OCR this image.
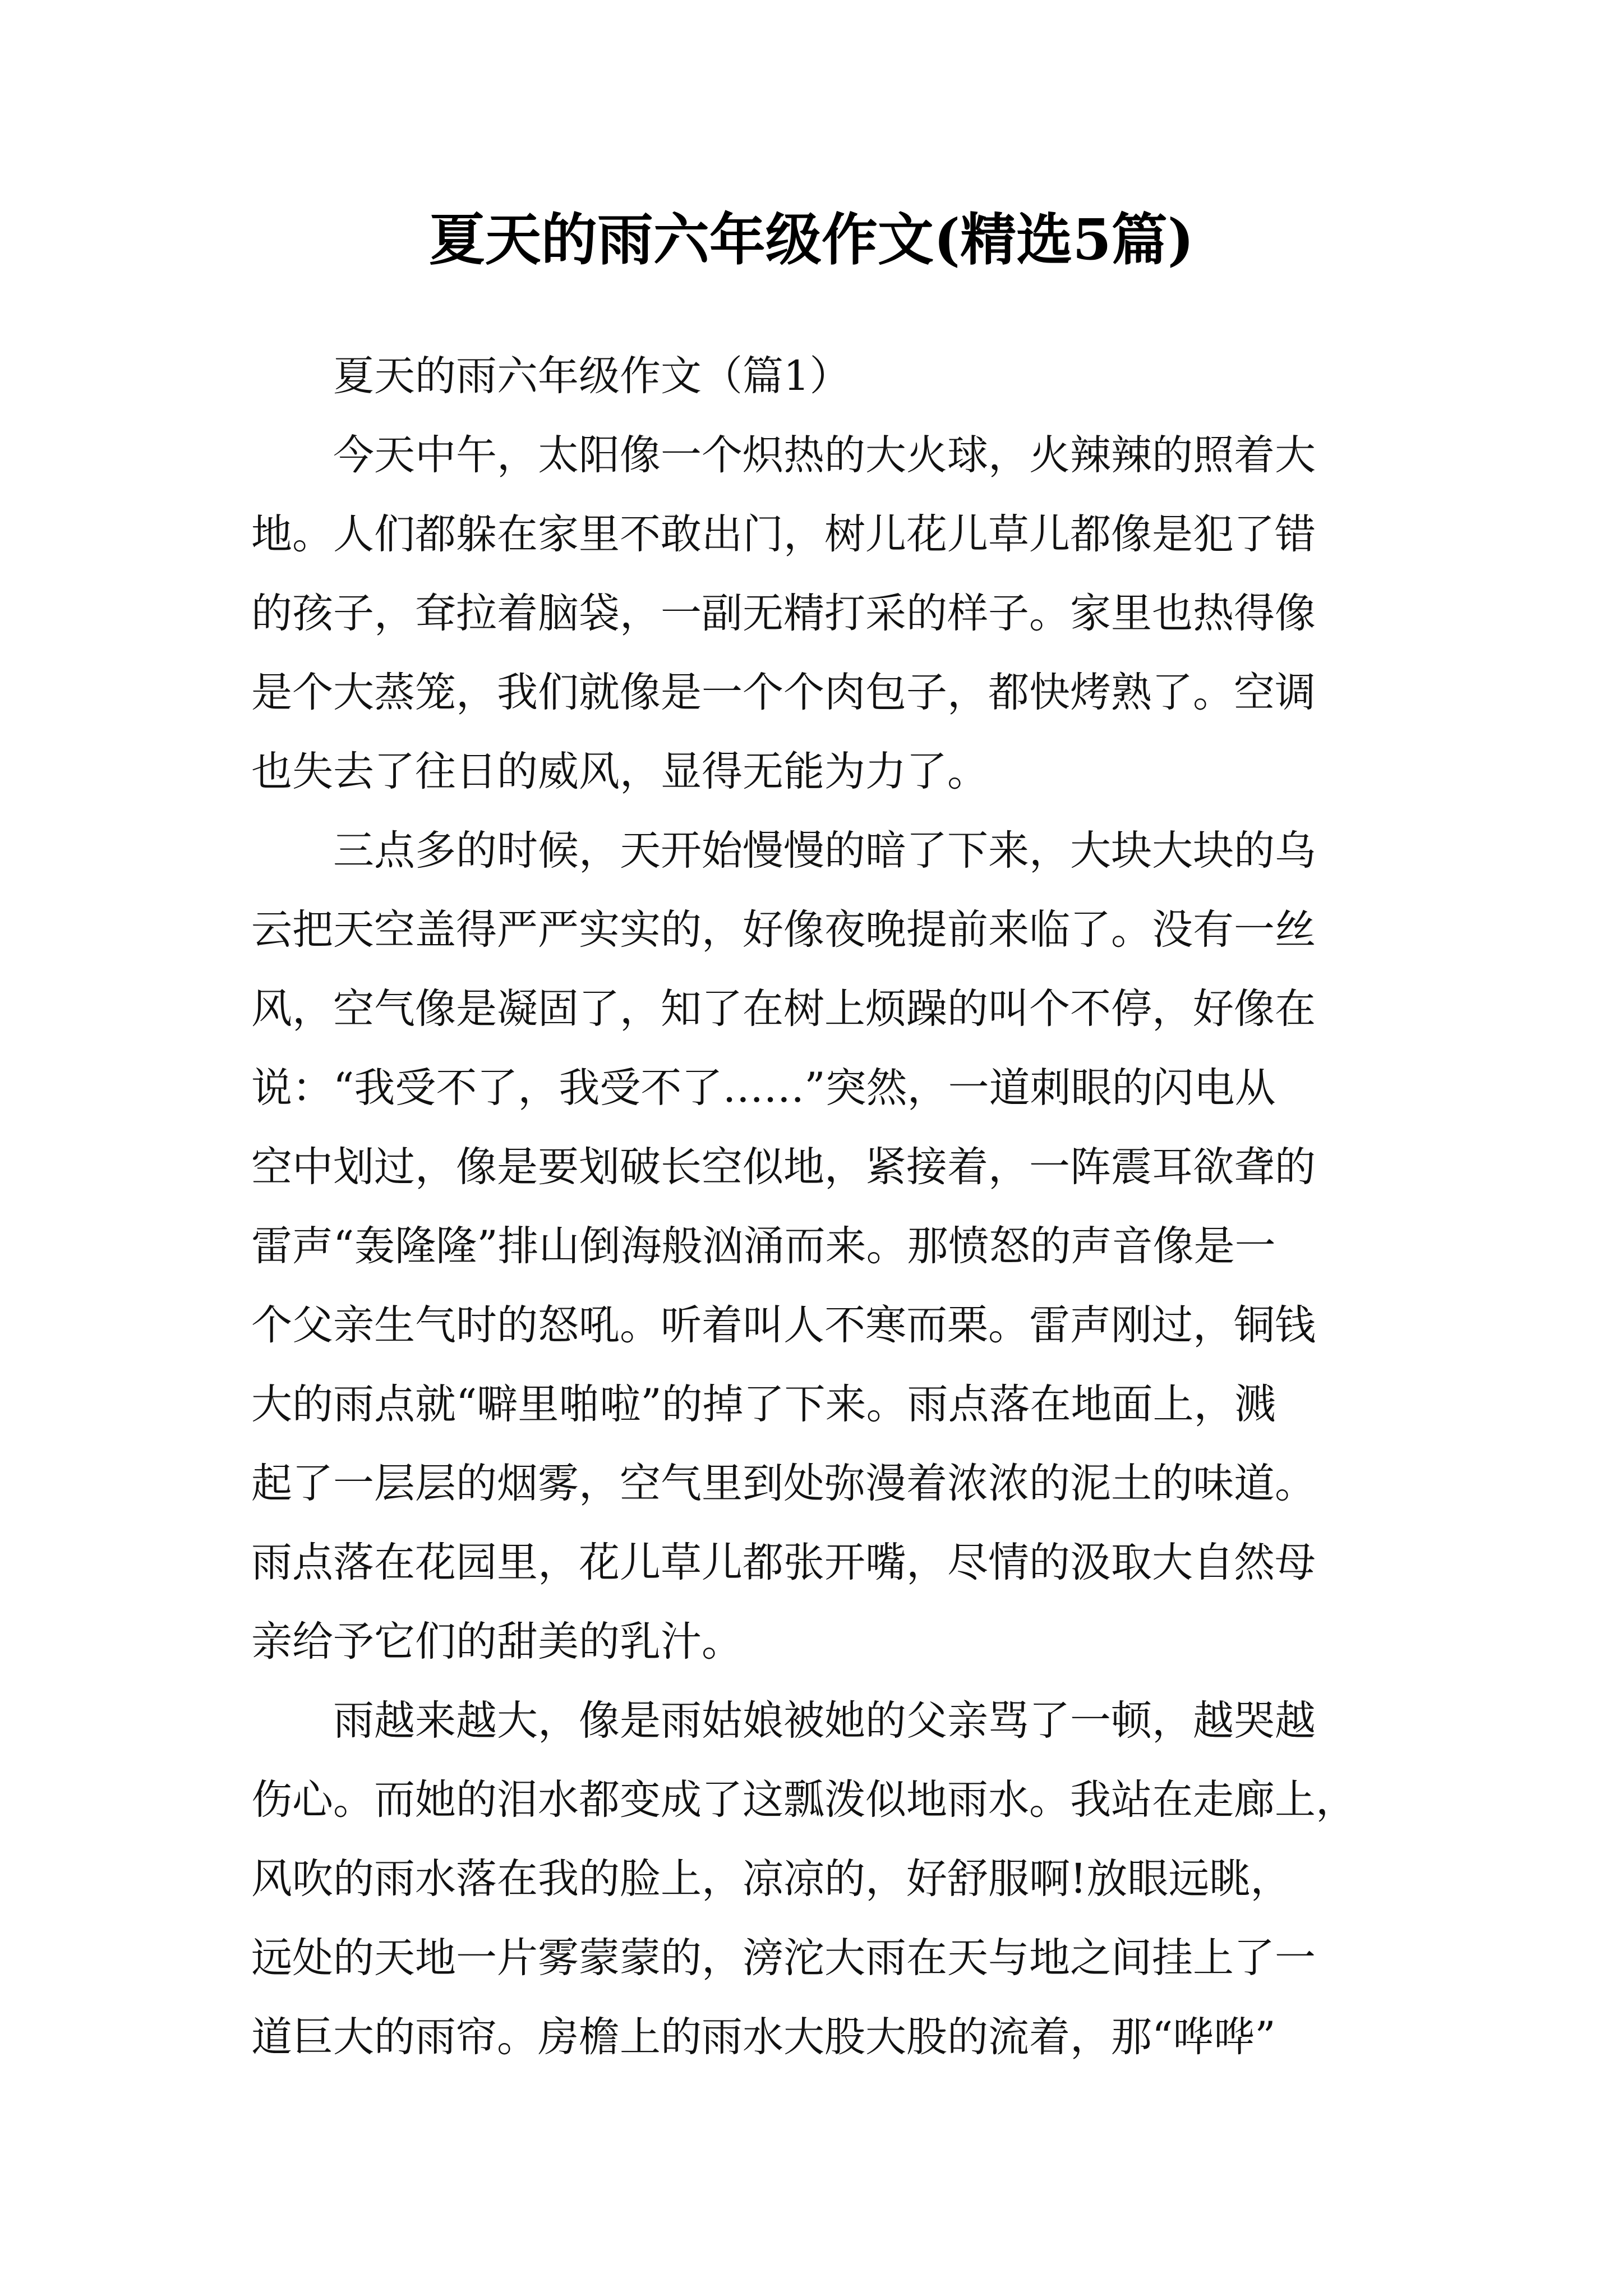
夏天的雨六年级作文(精选5篇)

夏天的雨六年级作文（篇1）

今天中午，太阳像一个炽热的大火球，火辣辣的照着大

地。人们都躲在家里不敢出门，树儿花儿草儿都像是犯了错

的孩子，耷拉着脑袋，一副无精打采的样子。家里也热得像

是个大蒸笼，我们就像是一个个肉包子，都快烤熟了。空调

也失去了往日的威风，显得无能为力了。

三点多的时候，天开始慢慢的暗了下来，大块大块的乌

云把天空盖得严严实实的，好像夜晚提前来临了。没有一丝

风，空气像是凝固了，知了在树上烦躁的叫个不停，好像在

说：“我受不了，我受不了……”突然，一道刺眼的闪电从

空中划过，像是要划破长空似地，紧接着，一阵震耳欲聋的

雷声“轰隆隆”排山倒海般汹涌而来。那愤怒的声音像是一

个父亲生气时的怒吼。听着叫人不寒而栗。雷声刚过，铜钱

大的雨点就“噼里啪啦”的掉了下来。雨点落在地面上，溅

起了一层层的烟雾，空气里到处弥漫着浓浓的泥土的味道。

雨点落在花园里，花儿草儿都张开嘴，尽情的汲取大自然母

亲给予它们的甜美的乳汁。

雨越来越大，像是雨姑娘被她的父亲骂了一顿，越哭越

伤心。而她的泪水都变成了这瓢泼似地雨水。我站在走廊上，

风吹的雨水落在我的脸上，凉凉的，好舒服啊!放眼远眺，

远处的天地一片雾蒙蒙的，滂沱大雨在天与地之间挂上了一

道巨大的雨帘。房檐上的雨水大股大股的流着，那“哗哗”
